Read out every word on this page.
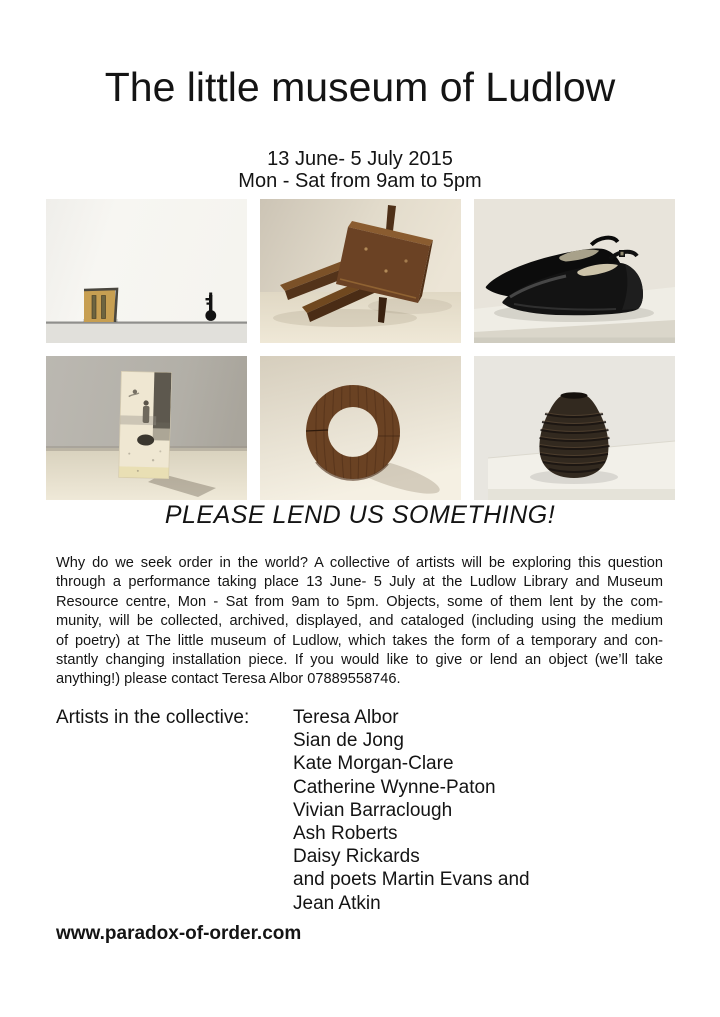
The little museum of Ludlow
13 June- 5 July 2015
Mon - Sat from 9am to 5pm
PLEASE LEND US SOMETHING!
Why do we seek order in the world? A collective of artists will be exploring this question
through a performance taking place 13 June- 5 July at the Ludlow Library and Museum
Resource centre, Mon - Sat from 9am to 5pm. Objects, some of them lent by the com-
munity, will be collected, archived, displayed, and cataloged (including using the medium
of poetry) at The little museum of Ludlow, which takes the form of a temporary and con-
stantly changing installation piece. If you would like to give or lend an object (we’ll take
anything!) please contact Teresa Albor 07889558746.
Artists in the collective: Teresa Albor
Sian de Jong
Kate Morgan-Clare
Catherine Wynne-Paton
Vivian Barraclough
Ash Roberts
Daisy Rickards
and poets Martin Evans and
Jean Atkin
www.paradox-of-order.com
